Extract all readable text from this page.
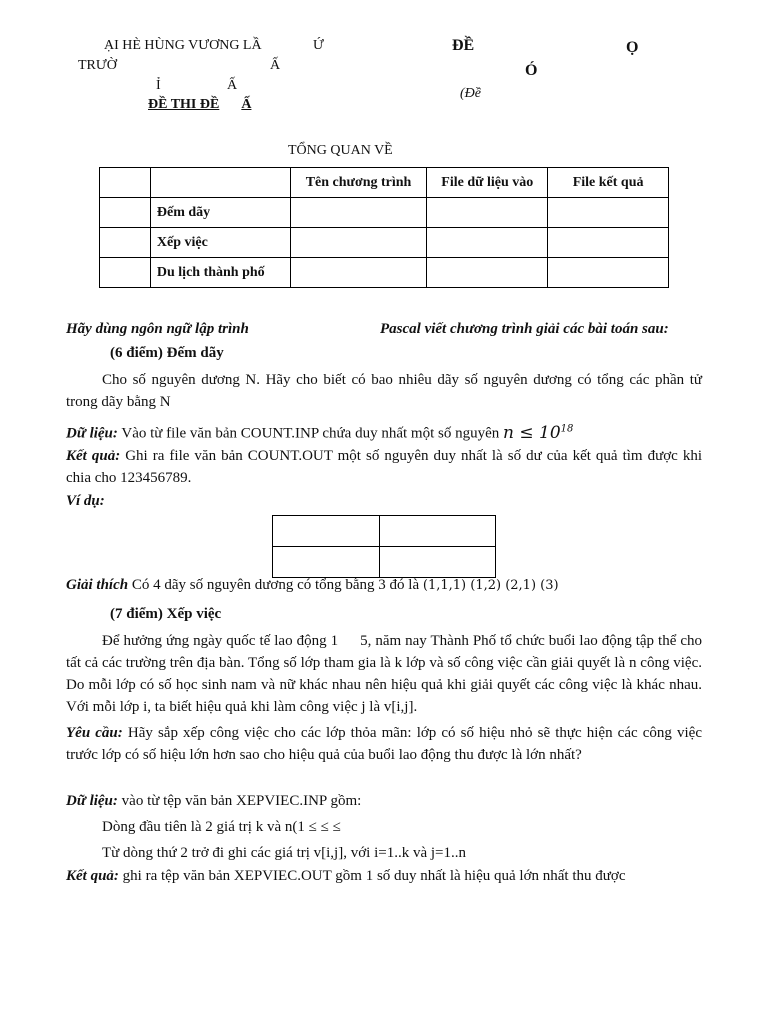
ẠI HÈ HÙNG VƯƠNG LẦ	Ứ
TRƯỜ	Ấ
Ỉ	Ấ
ĐỀ THI ĐỀ Ấ
ĐỀ	Ọ
Ó
(Đề
TỔNG QUAN VỀ
		Tên chương trình	File dữ liệu vào	File kết quả
	Đếm dãy			
	Xếp việc			
	Du lịch thành phố			
Hãy dùng ngôn ngữ lập trình	Pascal viết chương trình giải các bài toán sau:
(6 điểm) Đếm dãy
Cho số nguyên dương N. Hãy cho biết có bao nhiêu dãy số nguyên dương có tổng các phần tử trong dãy bằng N
Dữ liệu: Vào từ file văn bản COUNT.INP chứa duy nhất một số nguyên $n \le 10^{18}$
Kết quả: Ghi ra file văn bản COUNT.OUT một số nguyên duy nhất là số dư của kết quả tìm được khi chia cho 123456789.
Ví dụ:

Giải thích Có 4 dãy số nguyên dương có tổng bằng 3 đó là (1,1,1) (1,2) (2,1) (3)
(7 điểm) Xếp việc
Để hưởng ứng ngày quốc tế lao động 1 5, năm nay Thành Phố tổ chức buổi lao động tập thể cho tất cả các trường trên địa bàn. Tổng số lớp tham gia là k lớp và số công việc cần giải quyết là n công việc. Do mỗi lớp có số học sinh nam và nữ khác nhau nên hiệu quả khi giải quyết các công việc là khác nhau. Với mỗi lớp i, ta biết hiệu quả khi làm công việc j là v[i,j].
Yêu cầu: Hãy sắp xếp công việc cho các lớp thỏa mãn: lớp có số hiệu nhỏ sẽ thực hiện các công việc trước lớp có số hiệu lớn hơn sao cho hiệu quả của buổi lao động thu được là lớn nhất?
Dữ liệu: vào từ tệp văn bản XEPVIEC.INP gồm:
Dòng đầu tiên là 2 giá trị k và n(1 ≤ ≤ ≤
Từ dòng thứ 2 trở đi ghi các giá trị v[i,j], với i=1..k và j=1..n
Kết quả: ghi ra tệp văn bản XEPVIEC.OUT gồm 1 số duy nhất là hiệu quả lớn nhất thu được
